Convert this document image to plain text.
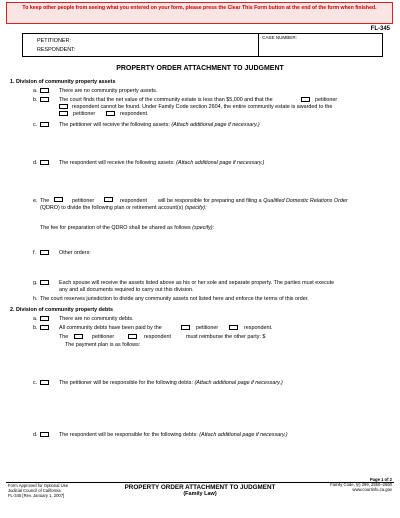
To keep other people from seeing what you entered on your form, please press the Clear This Form button at the end of the form when finished.
FL-345
PETITIONER:
RESPONDENT:
CASE NUMBER:
PROPERTY ORDER ATTACHMENT TO JUDGMENT
1. Division of community property assets
a.	There are no community property assets.
b.	The court finds that the net value of the community estate is less than $5,000 and that the	petitioner
respondent cannot be found. Under Family Code section 2604, the entire community estate is awarded to the
petitioner	respondent.
c.	The petitioner will receive the following assets: (Attach additional page if necessary.)
d.	The respondent will receive the following assets: (Attach additional page if necessary.)
e. The	petitioner	respondent will be responsible for preparing and filing a Qualified Domestic Relations Order
(QDRO) to divide the following plan or retirement account(s) (specify):
The fee for preparation of the QDRO shall be shared as follows (specify):
f.	Other orders:
g.	Each spouse will receive the assets listed above as his or her sole and separate property. The parties must execute
any and all documents required to carry out this division.
h. The court reserves jurisdiction to divide any community assets not listed here and enforce the terms of this order.
2. Division of community property debts
a.	There are no community debts.
b.	All community debts have been paid by the	petitioner	respondent.
The	petitioner	respondent	must reimburse the other party: $
The payment plan is as follows:
c.	The petitioner will be responsible for the following debts: (Attach additional page if necessary.)
d.	The respondent will be responsible for the following debts: (Attach additional page if necessary.)
Form Approved for Optional Use
Judicial Council of California
FL-345 [Rev. January 1, 2007]
PROPERTY ORDER ATTACHMENT TO JUDGMENT
(Family Law)
Page 1 of 2
Family Code, §§ 299, 2550–2660
www.courtinfo.ca.gov
